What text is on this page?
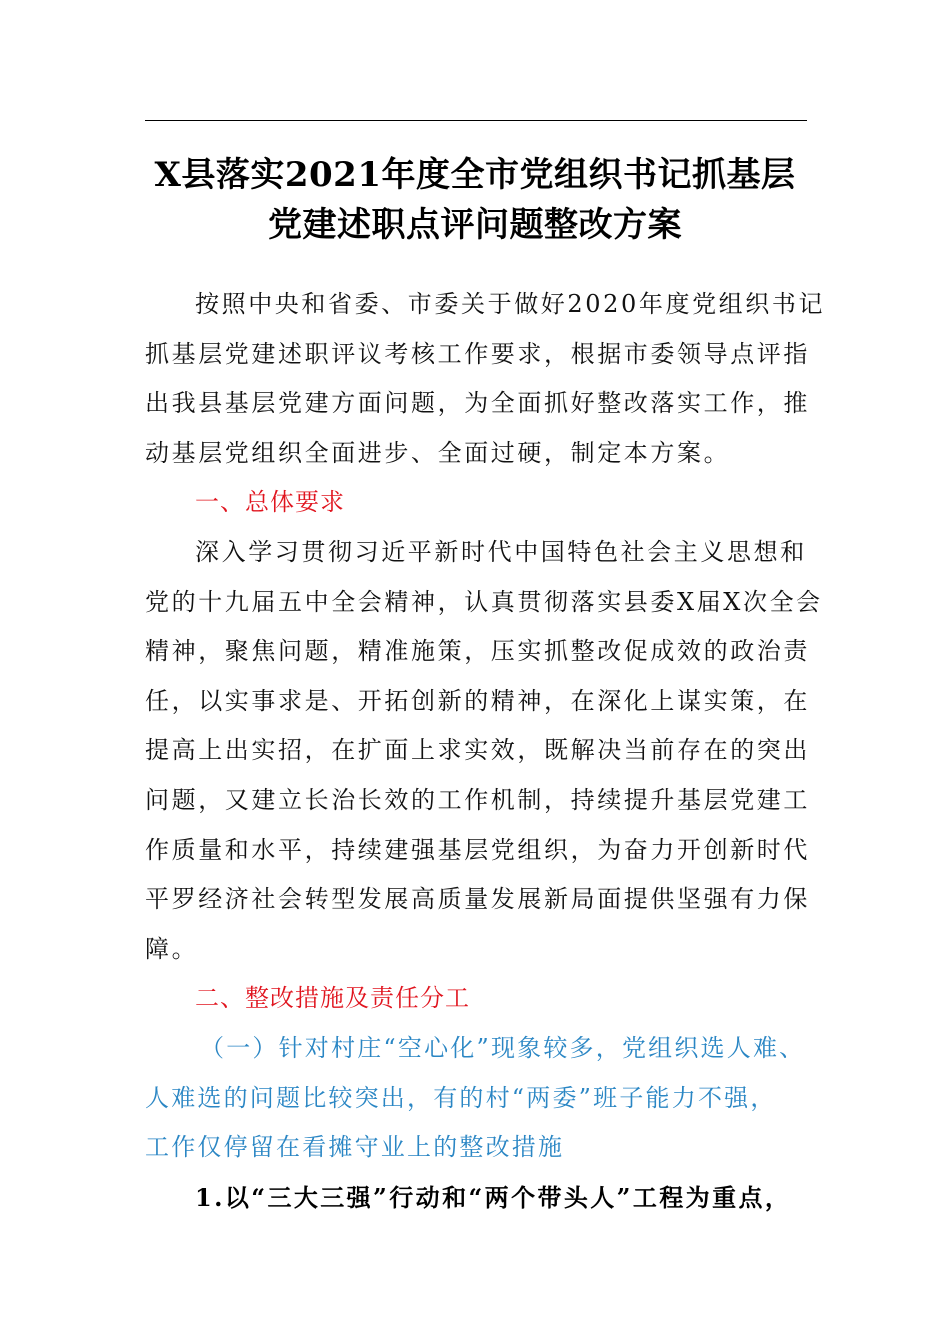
X县落实2021年度全市党组织书记抓基层
党建述职点评问题整改方案

按照中央和省委、市委关于做好2020年度党组织书记
抓基层党建述职评议考核工作要求，根据市委领导点评指
出我县基层党建方面问题，为全面抓好整改落实工作，推
动基层党组织全面进步、全面过硬，制定本方案。

一、总体要求

深入学习贯彻习近平新时代中国特色社会主义思想和
党的十九届五中全会精神，认真贯彻落实县委X届X次全会
精神，聚焦问题，精准施策，压实抓整改促成效的政治责
任，以实事求是、开拓创新的精神，在深化上谋实策，在
提高上出实招，在扩面上求实效，既解决当前存在的突出
问题，又建立长治长效的工作机制，持续提升基层党建工
作质量和水平，持续建强基层党组织，为奋力开创新时代
平罗经济社会转型发展高质量发展新局面提供坚强有力保
障。

二、整改措施及责任分工

（一）针对村庄“空心化”现象较多，党组织选人难、
人难选的问题比较突出，有的村“两委”班子能力不强，
工作仅停留在看摊守业上的整改措施

1.以“三大三强”行动和“两个带头人”工程为重点，
